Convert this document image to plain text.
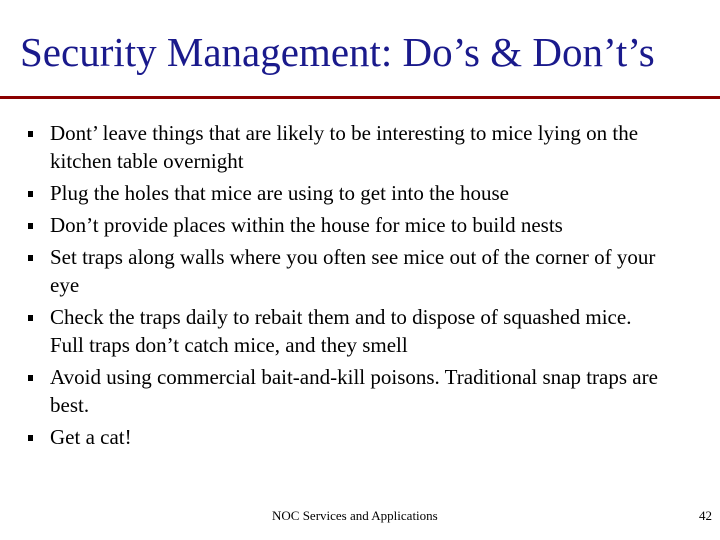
Security Management: Do’s & Don’t’s
Dont’ leave things that are likely to be interesting to mice lying on the kitchen table overnight
Plug the holes that mice are using to get into the house
Don’t provide places within the house for mice to build nests
Set traps along walls where you often see mice out of the corner of your eye
Check the traps daily to rebait them and to dispose of squashed mice. Full traps don’t catch mice, and they smell
Avoid using commercial bait-and-kill poisons. Traditional snap traps are best.
Get a cat!
NOC Services and Applications	42
